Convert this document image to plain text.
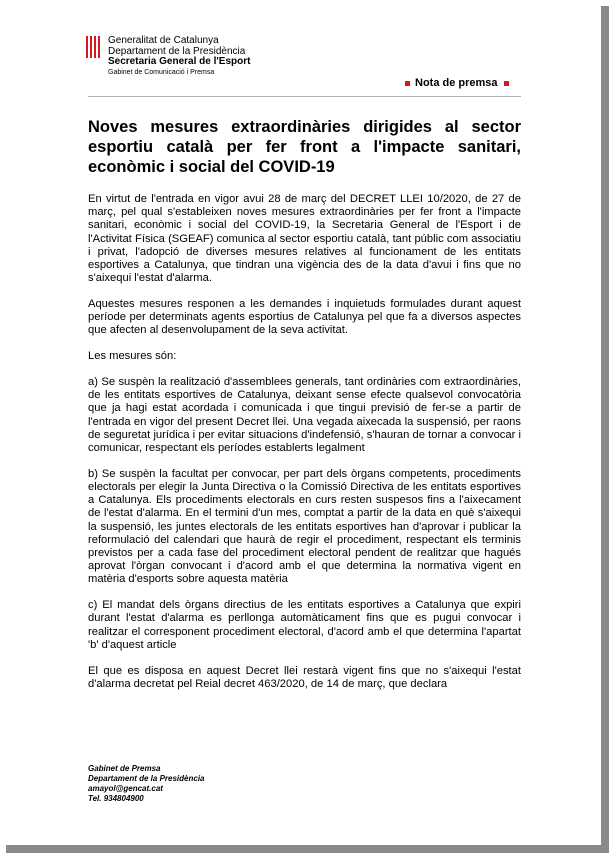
Generalitat de Catalunya
Departament de la Presidència
Secretaria General de l'Esport
Gabinet de Comunicació i Premsa
Nota de premsa
Noves mesures extraordinàries dirigides al sector esportiu català per fer front a l'impacte sanitari, econòmic i social del COVID-19

En virtut de l'entrada en vigor avui 28 de març del DECRET LLEI 10/2020, de 27 de març, pel qual s'estableixen noves mesures extraordinàries per fer front a l'impacte sanitari, econòmic i social del COVID-19, la Secretaria General de l'Esport i de l'Activitat Física (SGEAF) comunica al sector esportiu català, tant públic com associatiu i privat, l'adopció de diverses mesures relatives al funcionament de les entitats esportives a Catalunya, que tindran una vigència des de la data d'avui i fins que no s'aixequi l'estat d'alarma.

Aquestes mesures responen a les demandes i inquietuds formulades durant aquest període per determinats agents esportius de Catalunya pel que fa a diversos aspectes que afecten al desenvolupament de la seva activitat.

Les mesures són:

a) Se suspèn la realització d'assemblees generals, tant ordinàries com extraordinàries, de les entitats esportives de Catalunya, deixant sense efecte qualsevol convocatòria que ja hagi estat acordada i comunicada i que tingui previsió de fer-se a partir de l'entrada en vigor del present Decret llei. Una vegada aixecada la suspensió, per raons de seguretat jurídica i per evitar situacions d'indefensió, s'hauran de tornar a convocar i comunicar, respectant els períodes establerts legalment

b) Se suspèn la facultat per convocar, per part dels òrgans competents, procediments electorals per elegir la Junta Directiva o la Comissió Directiva de les entitats esportives a Catalunya. Els procediments electorals en curs resten suspesos fins a l'aixecament de l'estat d'alarma. En el termini d'un mes, comptat a partir de la data en què s'aixequi la suspensió, les juntes electorals de les entitats esportives han d'aprovar i publicar la reformulació del calendari que haurà de regir el procediment, respectant els terminis previstos per a cada fase del procediment electoral pendent de realitzar que hagués aprovat l'òrgan convocant i d'acord amb el que determina la normativa vigent en matèria d'esports sobre aquesta matèria

c) El mandat dels òrgans directius de les entitats esportives a Catalunya que expiri durant l'estat d'alarma es perllonga automàticament fins que es pugui convocar i realitzar el corresponent procediment electoral, d'acord amb el que determina l'apartat 'b' d'aquest article

El que es disposa en aquest Decret llei restarà vigent fins que no s'aixequi l'estat d'alarma decretat pel Reial decret 463/2020, de 14 de març, que declara

Gabinet de Premsa
Departament de la Presidència
amayol@gencat.cat
Tel. 934804900
